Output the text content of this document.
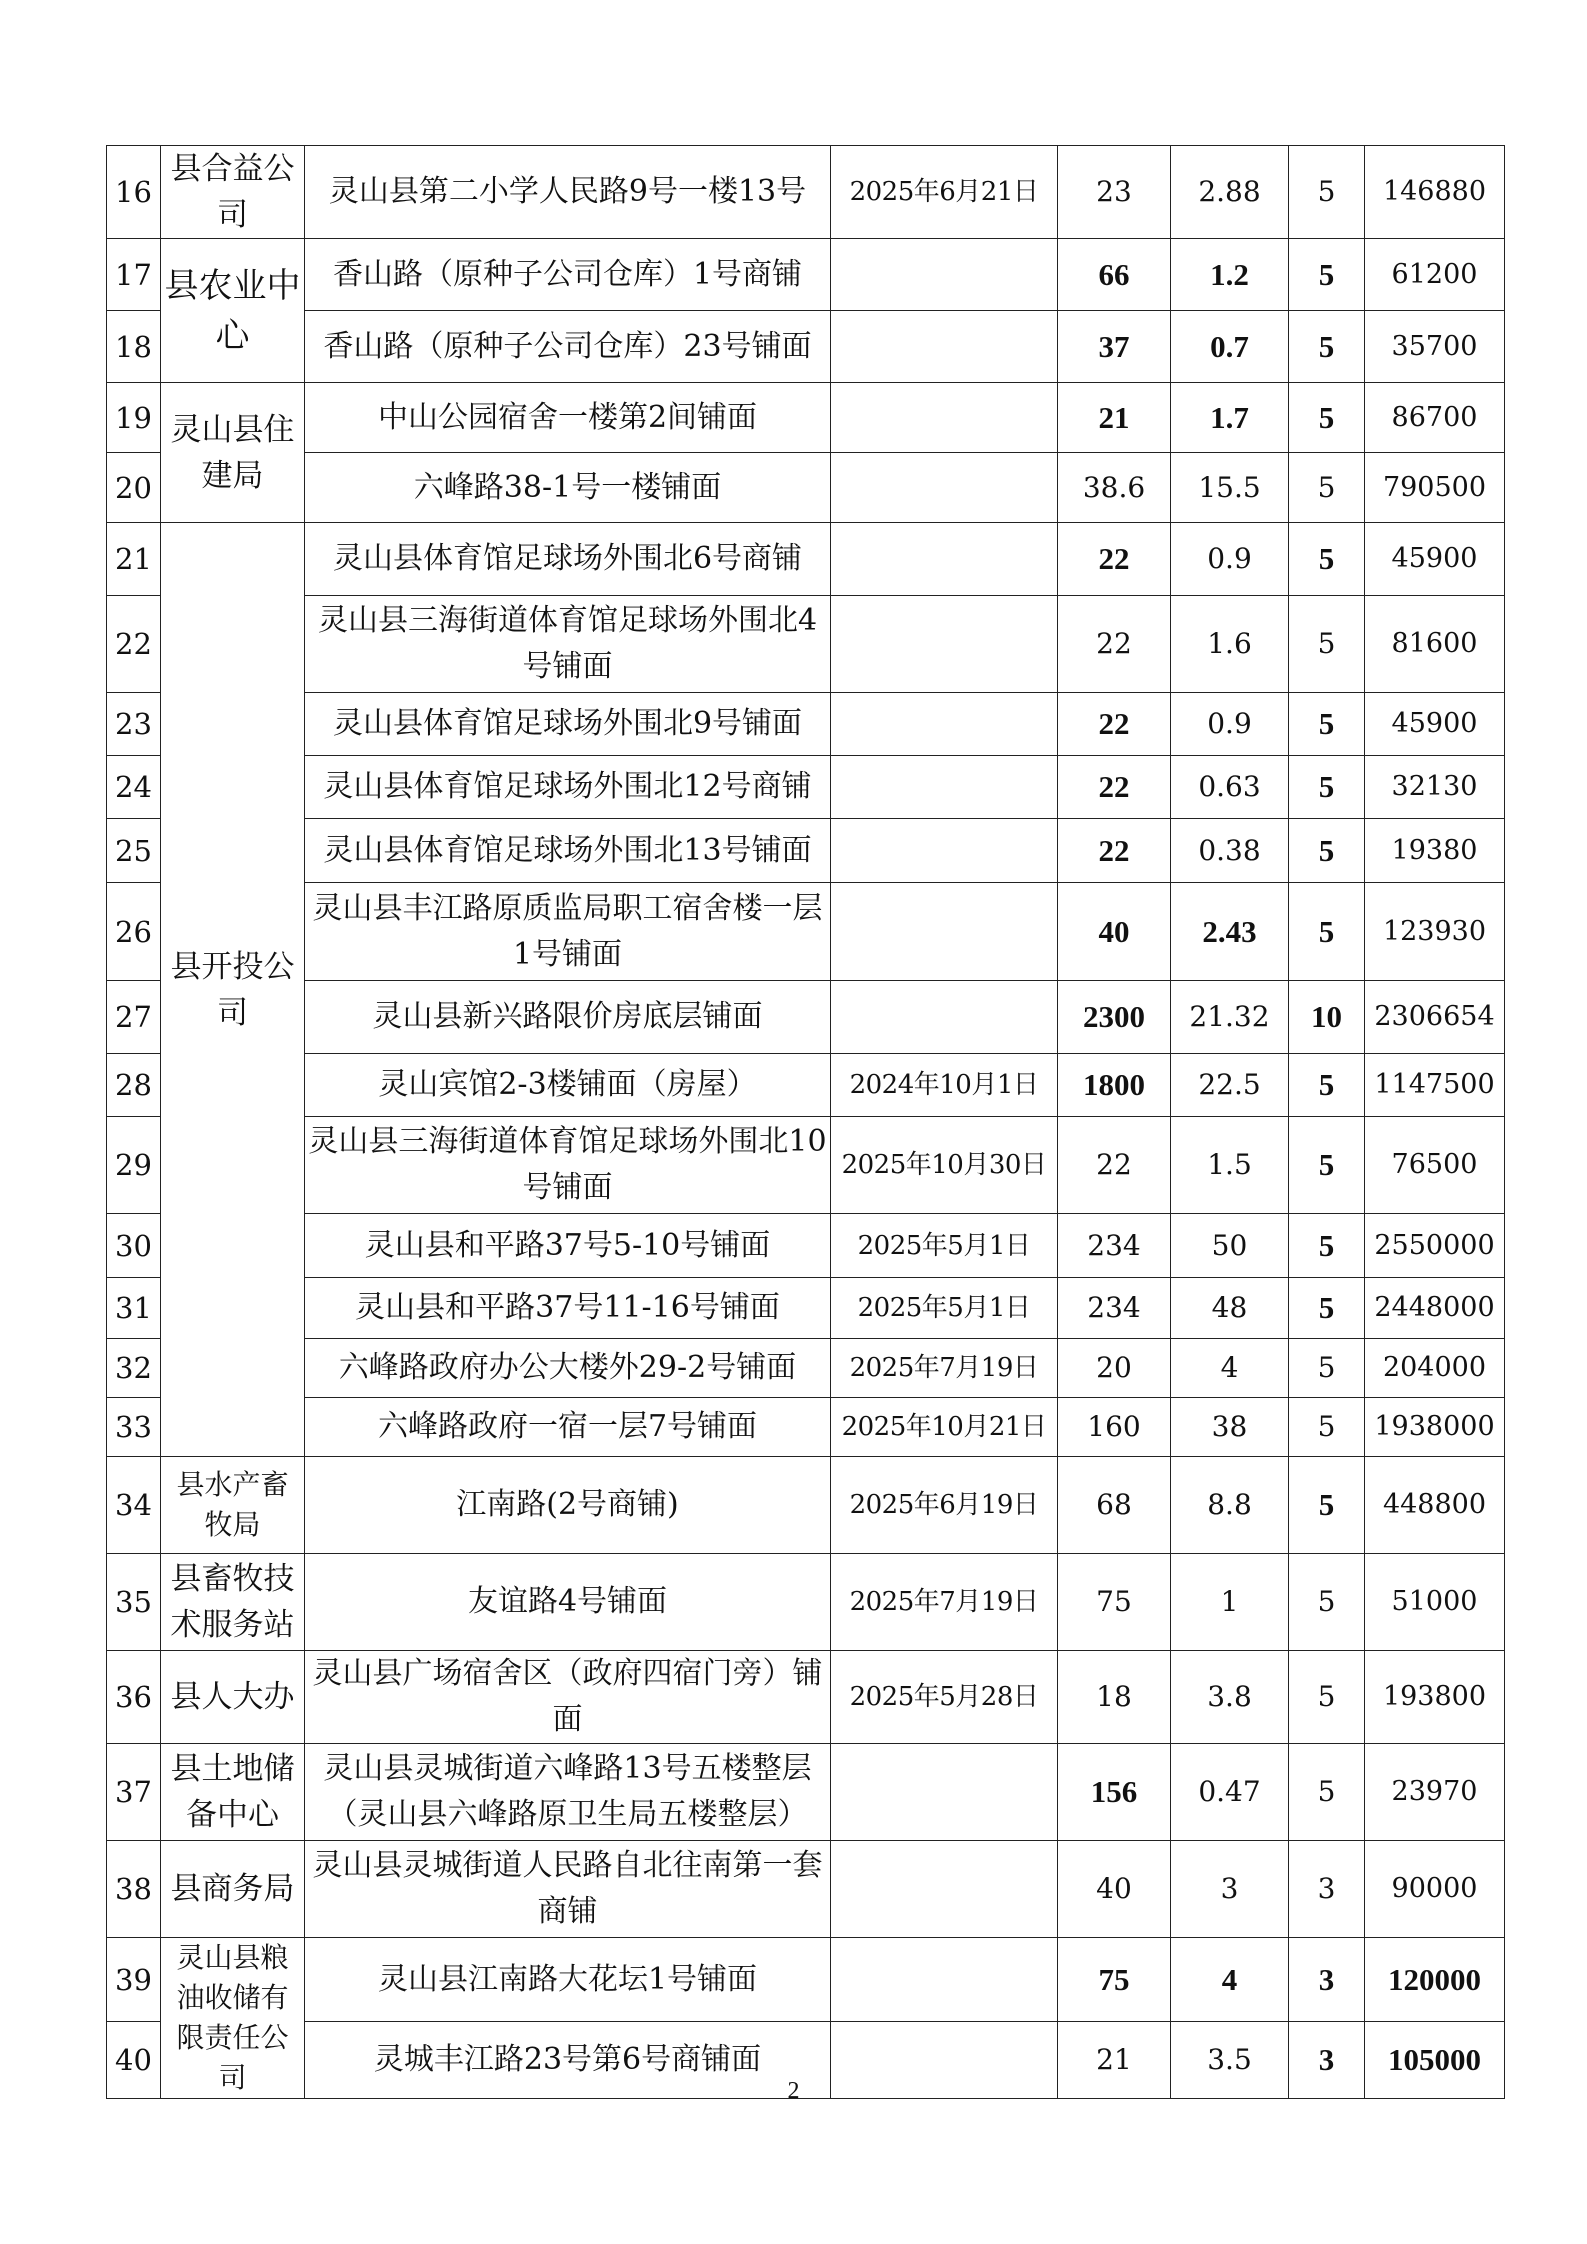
16	县合益公司	灵山县第二小学人民路9号一楼13号	2025年6月21日	23	2.88	5	146880
17	县农业中心	香山路（原种子公司仓库）1号商铺		66	1.2	5	61200
18		香山路（原种子公司仓库）23号铺面		37	0.7	5	35700
19	灵山县住建局	中山公园宿舍一楼第2间铺面		21	1.7	5	86700
20		六峰路38-1号一楼铺面		38.6	15.5	5	790500
21	县开投公司	灵山县体育馆足球场外围北6号商铺		22	0.9	5	45900
22		灵山县三海街道体育馆足球场外围北4号铺面		22	1.6	5	81600
23		灵山县体育馆足球场外围北9号铺面		22	0.9	5	45900
24		灵山县体育馆足球场外围北12号商铺		22	0.63	5	32130
25		灵山县体育馆足球场外围北13号铺面		22	0.38	5	19380
26		灵山县丰江路原质监局职工宿舍楼一层1号铺面		40	2.43	5	123930
27		灵山县新兴路限价房底层铺面		2300	21.32	10	2306654
28		灵山宾馆2-3楼铺面（房屋）	2024年10月1日	1800	22.5	5	1147500
29		灵山县三海街道体育馆足球场外围北10号铺面	2025年10月30日	22	1.5	5	76500
30		灵山县和平路37号5-10号铺面	2025年5月1日	234	50	5	2550000
31		灵山县和平路37号11-16号铺面	2025年5月1日	234	48	5	2448000
32		六峰路政府办公大楼外29-2号铺面	2025年7月19日	20	4	5	204000
33		六峰路政府一宿一层7号铺面	2025年10月21日	160	38	5	1938000
34	县水产畜牧局	江南路(2号商铺)	2025年6月19日	68	8.8	5	448800
35	县畜牧技术服务站	友谊路4号铺面	2025年7月19日	75	1	5	51000
36	县人大办	灵山县广场宿舍区（政府四宿门旁）铺面	2025年5月28日	18	3.8	5	193800
37	县土地储备中心	灵山县灵城街道六峰路13号五楼整层（灵山县六峰路原卫生局五楼整层）		156	0.47	5	23970
38	县商务局	灵山县灵城街道人民路自北往南第一套商铺		40	3	3	90000
39	灵山县粮油收储有限责任公司	灵山县江南路大花坛1号铺面		75	4	3	120000
40		灵城丰江路23号第6号商铺面		21	3.5	3	105000
2
